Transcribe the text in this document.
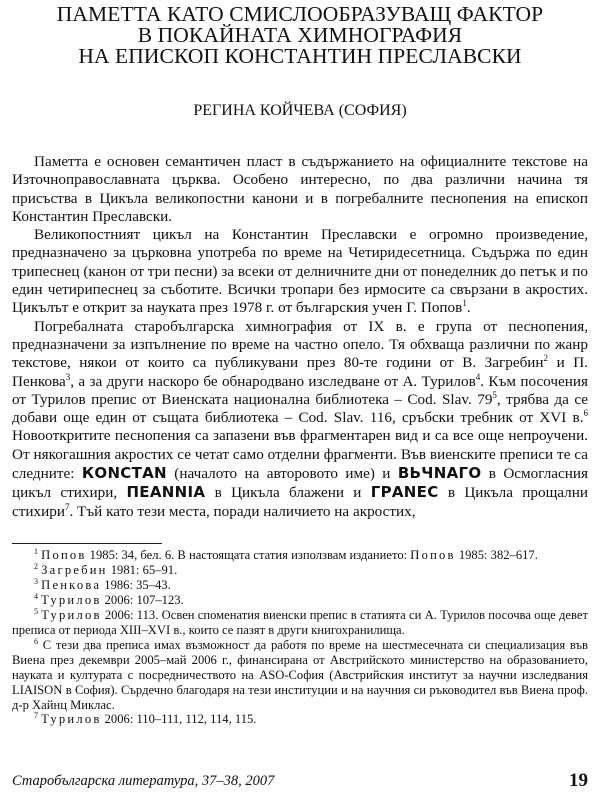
ПАМЕТТА КАТО СМИСЛООБРАЗУВАЩ ФАКТОР
В ПОКАЙНАТА ХИМНОГРАФИЯ
НА ЕПИСКОП КОНСТАНТИН ПРЕСЛАВСКИ
РЕГИНА КОЙЧЕВА (СОФИЯ)

Паметта е основен семантичен пласт в съдържанието на официалните текстове на Източноправославната църква. Особено интересно, по два различни начина тя присъства в Цикъла великопостни канони и в погребалните песнопения на епископ Константин Преславски.

Великопостният цикъл на Константин Преславски е огромно произведение, предназначено за църковна употреба по време на Четиридесетница. Съдържа по един трипеснец (канон от три песни) за всеки от делничните дни от понеделник до петък и по един четирипеснец за съботите. Всички тропари без ирмосите са свързани в акростих. Цикълът е открит за науката през 1978 г. от българския учен Г. Попов$^1$.

Погребалната старобългарска химнография от IX в. е група от песнопения, предназначени за изпълнение по време на частно опело. Тя обхваща различни по жанр текстове, някои от които са публикувани през 80-те години от В. Загребин$^2$ и П. Пенкова$^3$, а за други наскоро бе обнародвано изследване от А. Турилов$^4$. Към посочения от Турилов препис от Виенската национална библиотека – Cod. Slav. $79^5$, трябва да се добави още един от същата библиотека – Cod. Slav. 116, сръбски требник от XVI в.$^6$ Новооткритите песнопения са запазени във фрагментарен вид и са все още непроучени. От някогашния акростих се четат само отделни фрагменти. Във виенските преписи те са следните: КОNСТАN (началото на авторовото име) и ВЬЧNАГО в Осмогласния цикъл стихири, ПЕАNNІА в Цикъла блажени и ГРАNЕС в Цикъла прощални стихири$^7$. Тъй като тези места, поради наличието на акростих,

$^1$ Попов 1985: 34, бел. 6. В настоящата статия използвам изданието: Попов 1985: 382–617.

$^2$ Загребин 1981: 65–91.

$^3$ Пенкова 1986: 35–43.

$^4$ Турилов 2006: 107–123.

$^5$ Турилов 2006: 113. Освен споменатия виенски препис в статията си А. Турилов посочва още девет преписа от периода XIII–XVI в., които се пазят в други книгохранилища.

$^6$ С тези два преписа имах възможност да работя по време на шестмесечната си специализация във Виена през декември 2005–май 2006 г., финансирана от Австрийското министерство на образованието, науката и културата с посредничеството на ASO-София (Австрийския институт за научни изследвания LIAISON в София). Сърдечно благодаря на тези институции и на научния си ръководител във Виена проф. д-р Хайнц Миклас.

$^7$ Турилов 2006: 110–111, 112, 114, 115.

Старобългарска литература, 37–38, 2007	19
